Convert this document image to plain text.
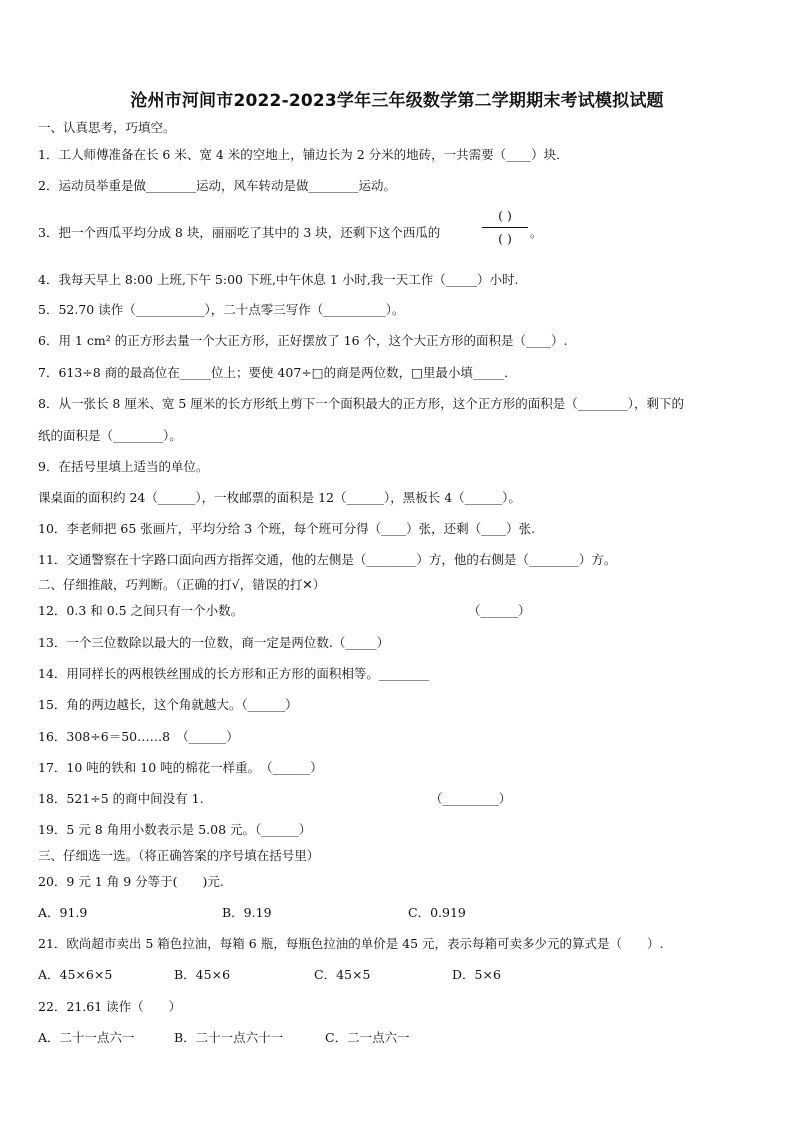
沧州市河间市2022-2023学年三年级数学第二学期期末考试模拟试题
一、认真思考，巧填空。
1．工人师傅准备在长 6 米、宽 4 米的空地上，铺边长为 2 分米的地砖，一共需要（____）块．
2．运动员举重是做________运动，风车转动是做________运动。
3．把一个西瓜平均分成 8 块，丽丽吃了其中的 3 块，还剩下这个西瓜的
( )
( )	。
4．我每天早上 8:00 上班,下午 5:00 下班,中午休息 1 小时,我一天工作（_____）小时.
5．52.70 读作（___________），二十点零三写作（__________）。
6．用 1 cm² 的正方形去量一个大正方形，正好摆放了 16 个，这个大正方形的面积是（____）.
7．613÷8 商的最高位在_____位上；要使 407÷□的商是两位数，□里最小填_____．
8．从一张长 8 厘米、宽 5 厘米的长方形纸上剪下一个面积最大的正方形，这个正方形的面积是（________），剩下的
纸的面积是（________）。
9．在括号里填上适当的单位。
课桌面的面积约 24（______），一枚邮票的面积是 12（______），黑板长 4（______）。
10．李老师把 65 张画片，平均分给 3 个班，每个班可分得（____）张，还剩（____）张.
11．交通警察在十字路口面向西方指挥交通，他的左侧是（________）方，他的右侧是（________）方。
二、仔细推敲，巧判断。（正确的打√，错误的打✕）
12．0.3 和 0.5 之间只有一个小数。	（______）
13．一个三位数除以最大的一位数，商一定是两位数.（_____）
14．用同样长的两根铁丝围成的长方形和正方形的面积相等。________
15．角的两边越长，这个角就越大。（______）
16．308÷6＝50……8　（______）
17．10 吨的铁和 10 吨的棉花一样重。　（______）
18．521÷5 的商中间没有 1.	（_________）
19．5 元 8 角用小数表示是 5.08 元。（______）
三、仔细选一选。（将正确答案的序号填在括号里）
20．9 元 1 角 9 分等于(　　)元.
A．91.9	B．9.19	C．0.919
21．欧尚超市卖出 5 箱色拉油，每箱 6 瓶，每瓶色拉油的单价是 45 元，表示每箱可卖多少元的算式是（　　）.
A．45×6×5	B．45×6	C．45×5	D．5×6
22．21.61 读作（　　）
A．二十一点六一	B．二十一点六十一	C．二一点六一
